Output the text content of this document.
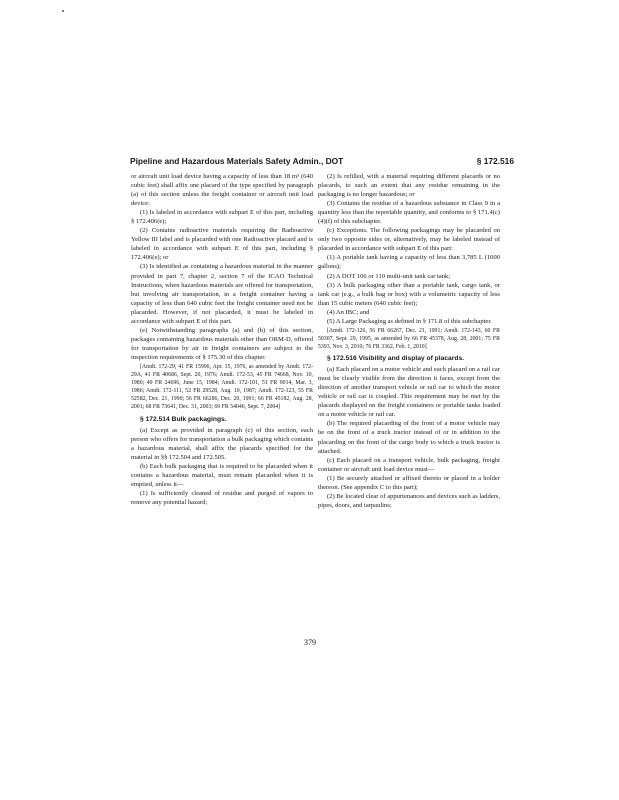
Pipeline and Hazardous Materials Safety Admin., DOT	§ 172.516

or aircraft unit load device having a capacity of less than 18 m³ (640 cubic feet) shall affix one placard of the type specified by paragraph (a) of this section unless the freight container or aircraft unit load device:

(1) Is labeled in accordance with subpart E of this part, including § 172.406(e);

(2) Contains radioactive materials requiring the Radioactive Yellow III label and is placarded with one Radioactive placard and is labeled in accordance with subpart E of this part, including § 172.406(e); or

(3) Is identified as containing a hazardous material in the manner provided in part 7, chapter 2, section 7 of the ICAO Technical Instructions, when hazardous materials are offered for transportation, but involving air transportation, in a freight container having a capacity of less than 640 cubic feet the freight container need not be placarded. However, if not placarded, it must be labeled in accordance with subpart E of this part.

(e) Notwithstanding paragraphs (a) and (b) of this section, packages containing hazardous materials other than ORM-D, offered for transportation by air in freight containers are subject to the inspection requirements of § 175.30 of this chapter.

[Amdt. 172-29, 41 FR 15996, Apr. 15, 1976, as amended by Amdt. 172-29A, 41 FR 40686, Sept. 20, 1976; Amdt. 172-53, 45 FR 74668, Nov. 10, 1980; 49 FR 24696, June 15, 1984; Amdt. 172-101, 51 FR 9014, Mar. 3, 1986; Amdt. 172-111, 52 FR 29528, Aug. 10, 1987; Amdt. 172-123, 55 FR 52582, Dec. 21, 1990; 56 FR 66286, Dec. 20, 1991; 66 FR 45182, Aug. 28, 2001; 68 FR 73641, Dec. 31, 2003; 69 FR 54046, Sept. 7, 2004]

§ 172.514 Bulk packagings.

(a) Except as provided in paragraph (c) of this section, each person who offers for transportation a bulk packaging which contains a hazardous material, shall affix the placards specified for the material in §§ 172.504 and 172.505.

(b) Each bulk packaging that is required to be placarded when it contains a hazardous material, must remain placarded when it is emptied, unless it—

(1) Is sufficiently cleaned of residue and purged of vapors to remove any potential hazard;

(2) Is refilled, with a material requiring different placards or no placards, to such an extent that any residue remaining in the packaging is no longer hazardous; or

(3) Contains the residue of a hazardous substance in Class 9 in a quantity less than the reportable quantity, and conforms to § 171.4(c)(4)(f) of this subchapter.

(c) Exceptions. The following packagings may be placarded on only two opposite sides or, alternatively, may be labeled instead of placarded in accordance with subpart E of this part:

(1) A portable tank having a capacity of less than 3,785 L (1000 gallons);

(2) A DOT 106 or 110 multi-unit tank car tank;

(3) A bulk packaging other than a portable tank, cargo tank, or tank car (e.g., a bulk bag or box) with a volumetric capacity of less than 15 cubic meters (640 cubic feet);

(4) An IBC; and

(5) A Large Packaging as defined in § 171.8 of this subchapter.

[Amdt. 172-126, 56 FR 66267, Dec. 21, 1991; Amdt. 172-143, 60 FR 50307, Sept. 29, 1995, as amended by 66 FR 45378, Aug. 28, 2001; 75 FR 5393, Nov. 3, 2010; 76 FR 3362, Feb. 1, 2010]

§ 172.516 Visibility and display of placards.

(a) Each placard on a motor vehicle and each placard on a rail car must be clearly visible from the direction it faces, except from the direction of another transport vehicle or rail car to which the motor vehicle or rail car is coupled. This requirement may be met by the placards displayed on the freight containers or portable tanks loaded on a motor vehicle or rail car.

(b) The required placarding of the front of a motor vehicle may be on the front of a truck tractor instead of or in addition to the placarding on the front of the cargo body to which a truck tractor is attached.

(c) Each placard on a transport vehicle, bulk packaging, freight container or aircraft unit load device must—

(1) Be securely attached or affixed thereto or placed in a holder thereon. (See appendix C to this part);

(2) Be located clear of appurtenances and devices such as ladders, pipes, doors, and tarpaulins;

379
